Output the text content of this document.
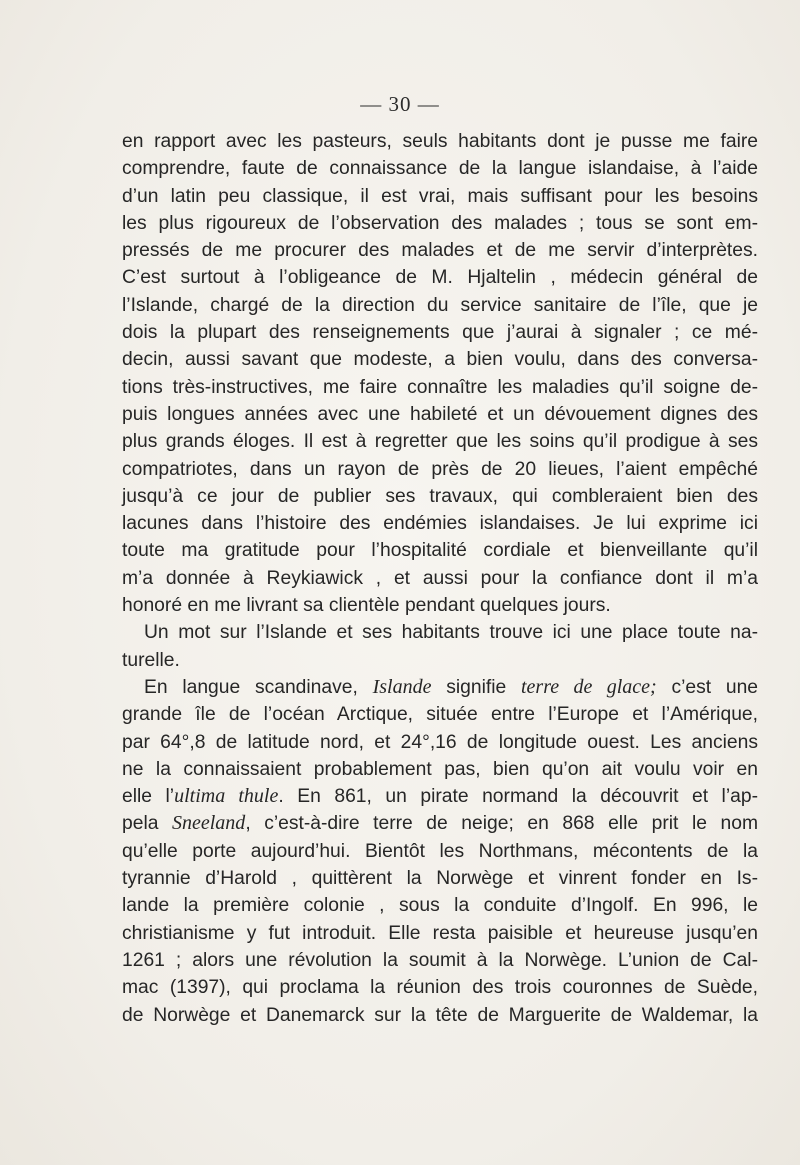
— 30 —
en rapport avec les pasteurs, seuls habitants dont je pusse me faire
comprendre, faute de connaissance de la langue islandaise, à l’aide
d’un latin peu classique, il est vrai, mais suffisant pour les besoins
les plus rigoureux de l’observation des malades ; tous se sont em-
pressés de me procurer des malades et de me servir d’interprètes.
C’est surtout à l’obligeance de M. Hjaltelin , médecin général de
l’Islande, chargé de la direction du service sanitaire de l’île, que je
dois la plupart des renseignements que j’aurai à signaler ; ce mé-
decin, aussi savant que modeste, a bien voulu, dans des conversa-
tions très-instructives, me faire connaître les maladies qu’il soigne de-
puis longues années avec une habileté et un dévouement dignes des
plus grands éloges. Il est à regretter que les soins qu’il prodigue à ses
compatriotes, dans un rayon de près de 20 lieues, l’aient empêché
jusqu’à ce jour de publier ses travaux, qui combleraient bien des
lacunes dans l’histoire des endémies islandaises. Je lui exprime ici
toute ma gratitude pour l’hospitalité cordiale et bienveillante qu’il
m’a donnée à Reykiawick , et aussi pour la confiance dont il m’a
honoré en me livrant sa clientèle pendant quelques jours.
Un mot sur l’Islande et ses habitants trouve ici une place toute na-
turelle.
En langue scandinave, Islande signifie terre de glace; c’est une
grande île de l’océan Arctique, située entre l’Europe et l’Amérique,
par 64°,8 de latitude nord, et 24°,16 de longitude ouest. Les anciens
ne la connaissaient probablement pas, bien qu’on ait voulu voir en
elle l’ultima thule. En 861, un pirate normand la découvrit et l’ap-
pela Sneeland, c’est-à-dire terre de neige; en 868 elle prit le nom
qu’elle porte aujourd’hui. Bientôt les Northmans, mécontents de la
tyrannie d’Harold , quittèrent la Norwège et vinrent fonder en Is-
lande la première colonie , sous la conduite d’Ingolf. En 996, le
christianisme y fut introduit. Elle resta paisible et heureuse jusqu’en
1261 ; alors une révolution la soumit à la Norwège. L’union de Cal-
mac (1397), qui proclama la réunion des trois couronnes de Suède,
de Norwège et Danemarck sur la tête de Marguerite de Waldemar, la
